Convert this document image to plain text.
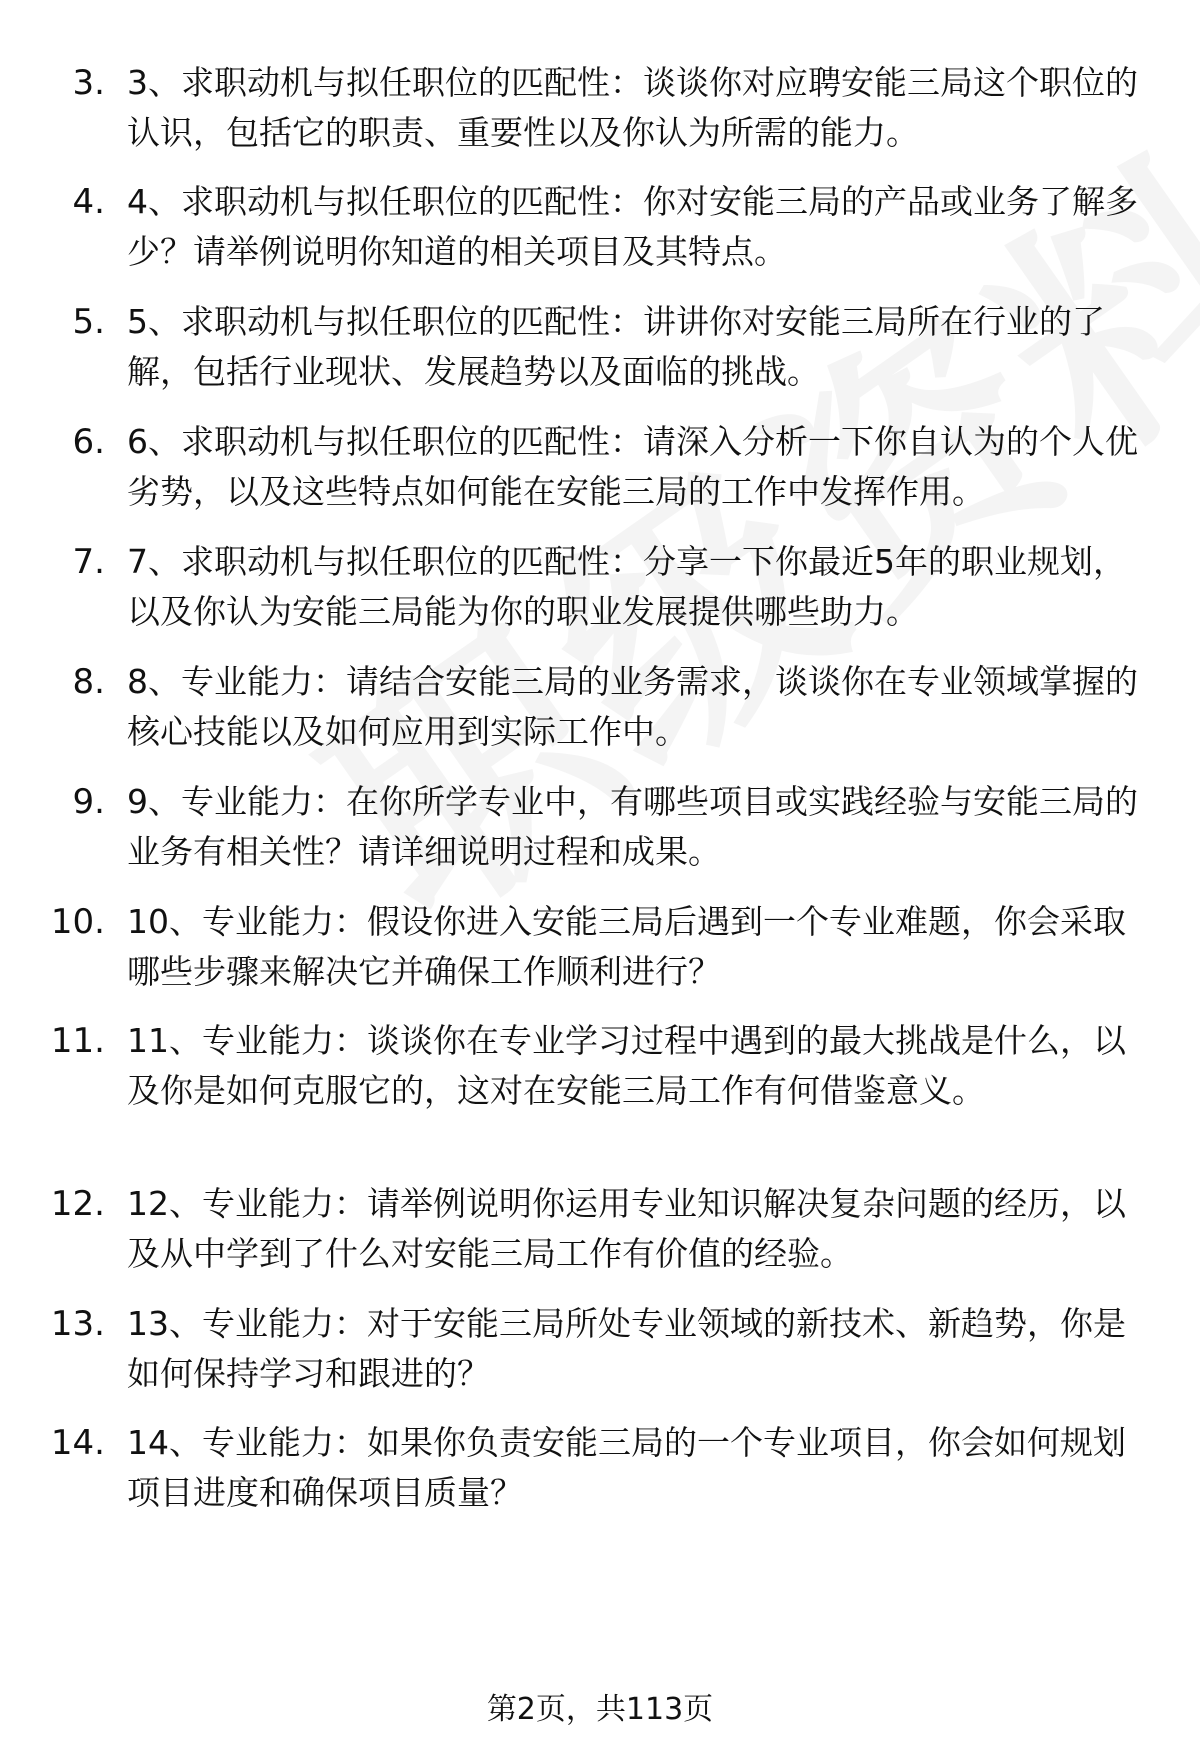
3. 3、求职动机与拟任职位的匹配性：谈谈你对应聘安能三局这个职位的认识，包括它的职责、重要性以及你认为所需的能力。
4. 4、求职动机与拟任职位的匹配性：你对安能三局的产品或业务了解多少？请举例说明你知道的相关项目及其特点。
5. 5、求职动机与拟任职位的匹配性：讲讲你对安能三局所在行业的了解，包括行业现状、发展趋势以及面临的挑战。
6. 6、求职动机与拟任职位的匹配性：请深入分析一下你自认为的个人优劣势，以及这些特点如何能在安能三局的工作中发挥作用。
7. 7、求职动机与拟任职位的匹配性：分享一下你最近5年的职业规划，以及你认为安能三局能为你的职业发展提供哪些助力。
8. 8、专业能力：请结合安能三局的业务需求，谈谈你在专业领域掌握的核心技能以及如何应用到实际工作中。
9. 9、专业能力：在你所学专业中，有哪些项目或实践经验与安能三局的业务有相关性？请详细说明过程和成果。
10. 10、专业能力：假设你进入安能三局后遇到一个专业难题，你会采取哪些步骤来解决它并确保工作顺利进行？
11. 11、专业能力：谈谈你在专业学习过程中遇到的最大挑战是什么，以及你是如何克服它的，这对在安能三局工作有何借鉴意义。
12. 12、专业能力：请举例说明你运用专业知识解决复杂问题的经历，以及从中学到了什么对安能三局工作有价值的经验。
13. 13、专业能力：对于安能三局所处专业领域的新技术、新趋势，你是如何保持学习和跟进的？
14. 14、专业能力：如果你负责安能三局的一个专业项目，你会如何规划项目进度和确保项目质量？
第2页，共113页
